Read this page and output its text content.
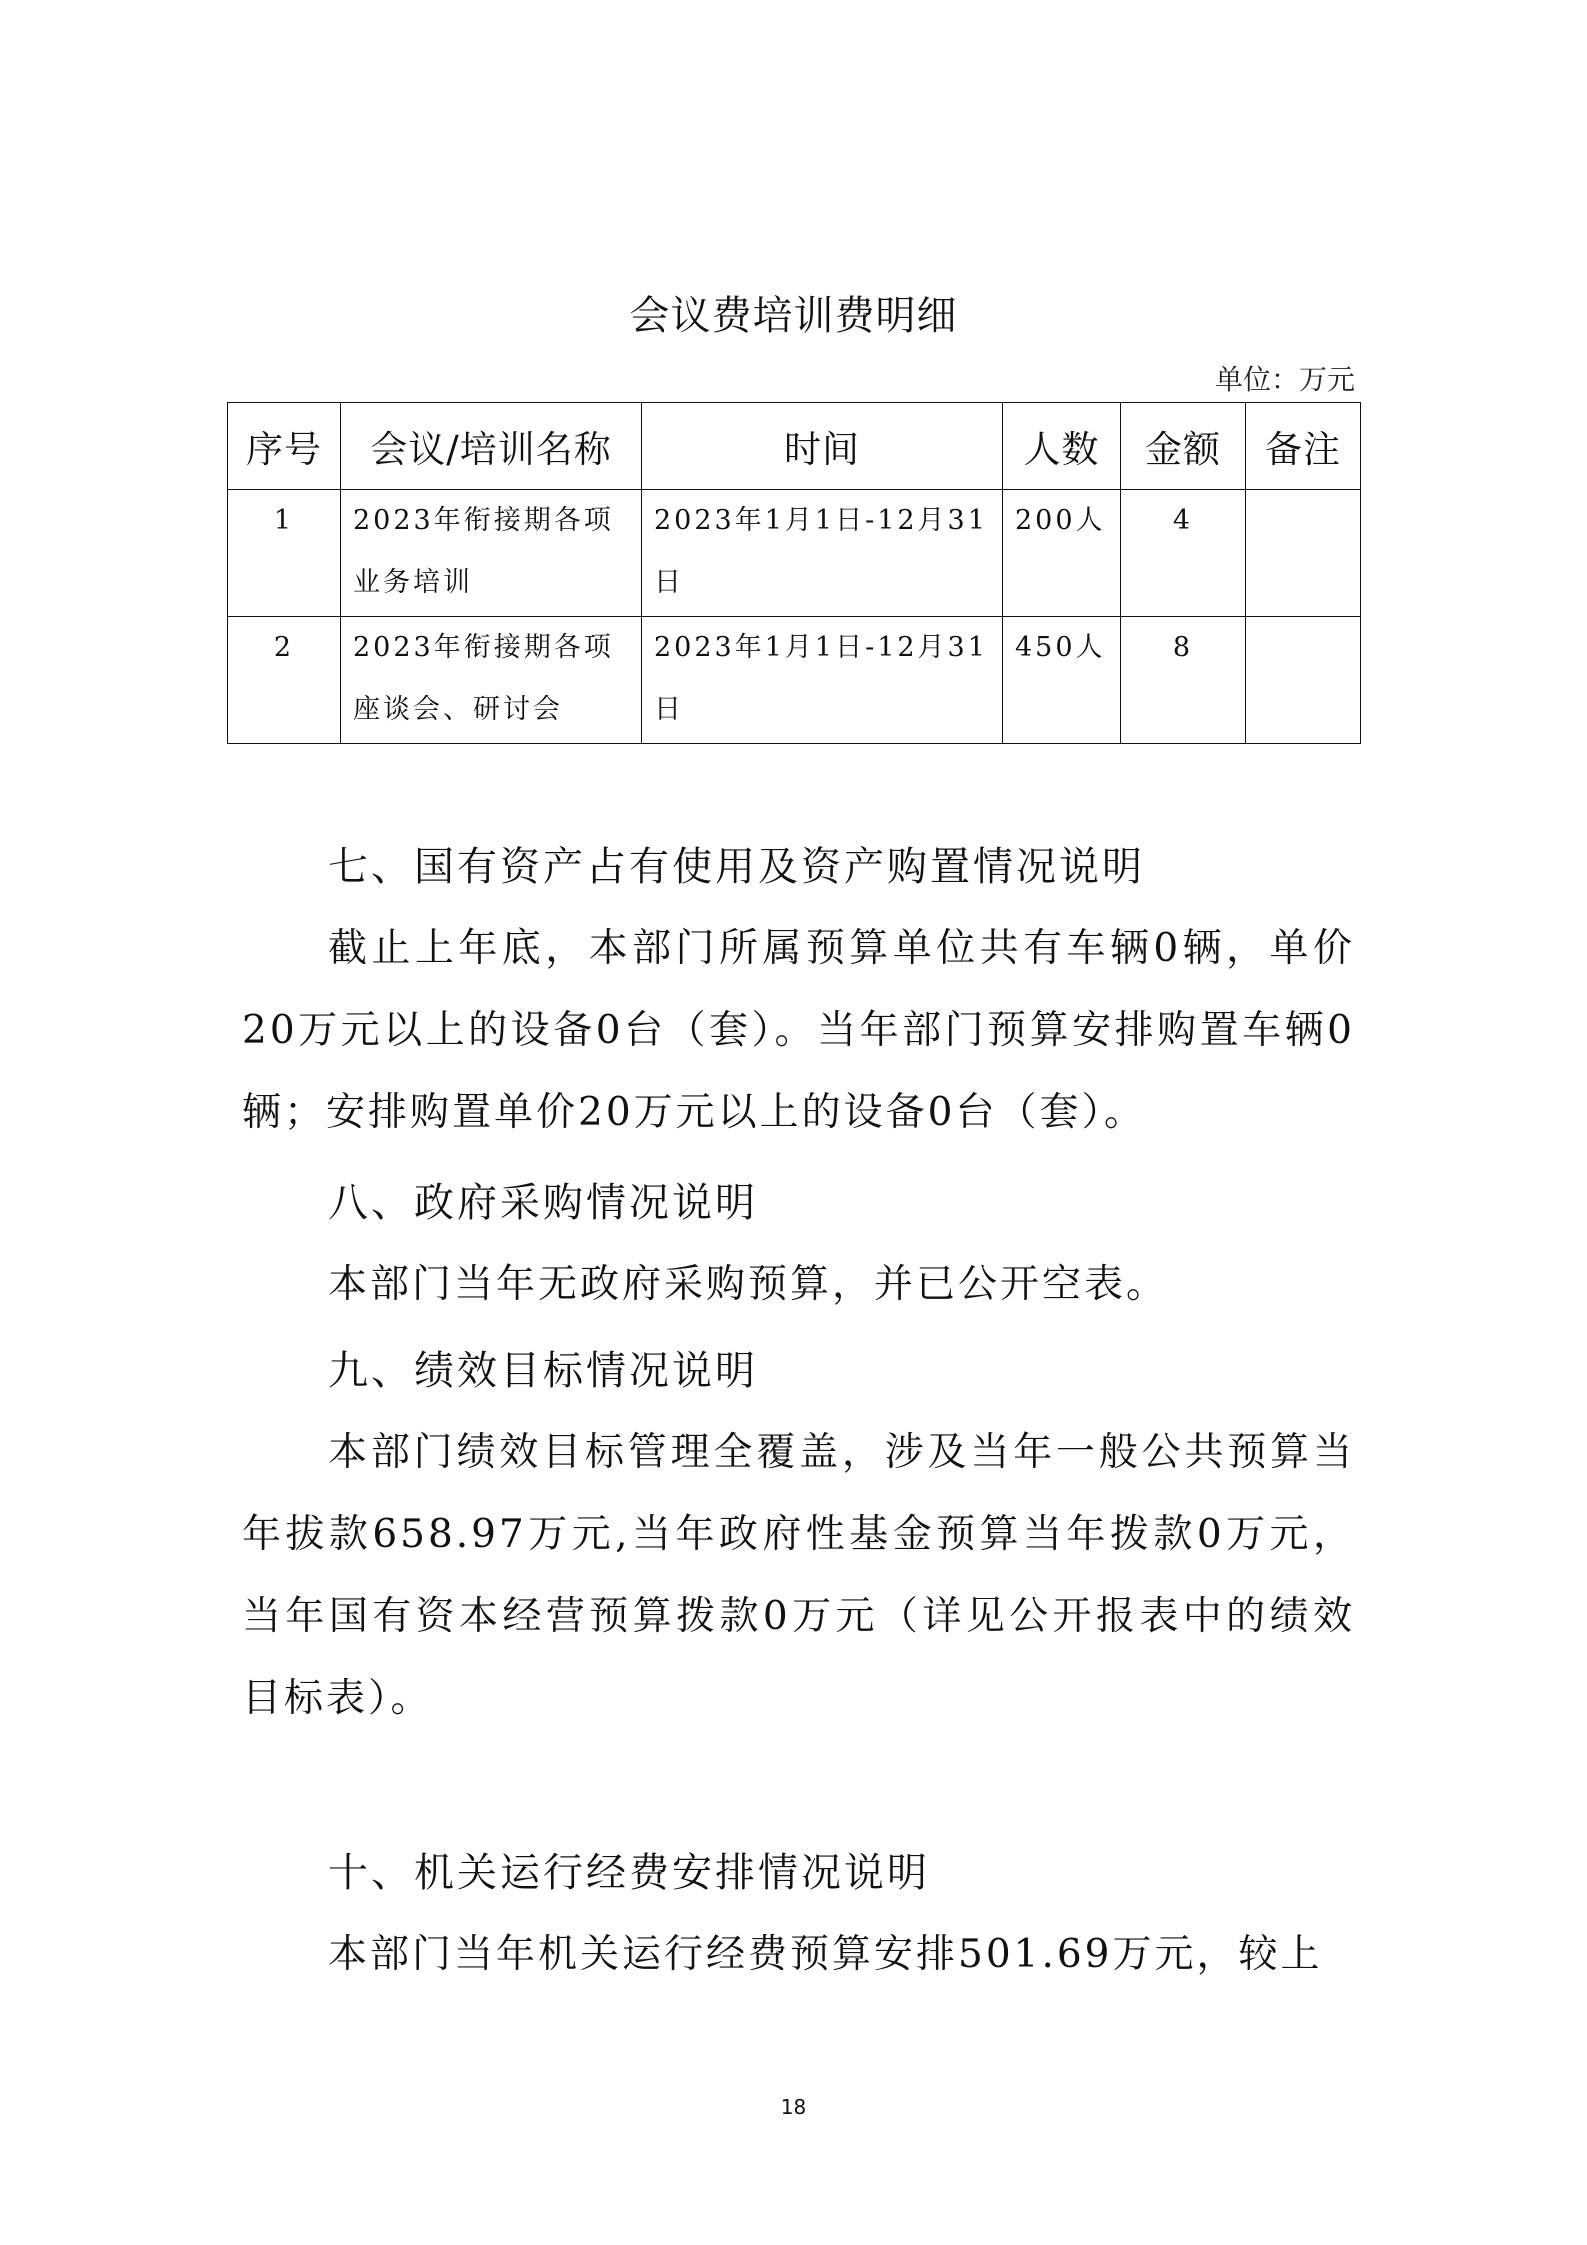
会议费培训费明细
单位：万元
序号	会议/培训名称	时间	人数	金额	备注
1	2023年衔接期各项业务培训	2023年1月1日-12月31日	200人	4	
2	2023年衔接期各项座谈会、研讨会	2023年1月1日-12月31日	450人	8	
七、国有资产占有使用及资产购置情况说明

截止上年底，本部门所属预算单位共有车辆0辆，单价20万元以上的设备0台（套）。当年部门预算安排购置车辆0辆；安排购置单价20万元以上的设备0台（套）。

八、政府采购情况说明

本部门当年无政府采购预算，并已公开空表。

九、绩效目标情况说明

本部门绩效目标管理全覆盖，涉及当年一般公共预算当年拔款658.97万元,当年政府性基金预算当年拨款0万元，当年国有资本经营预算拨款0万元（详见公开报表中的绩效目标表）。

十、机关运行经费安排情况说明

本部门当年机关运行经费预算安排501.69万元，较上

18
